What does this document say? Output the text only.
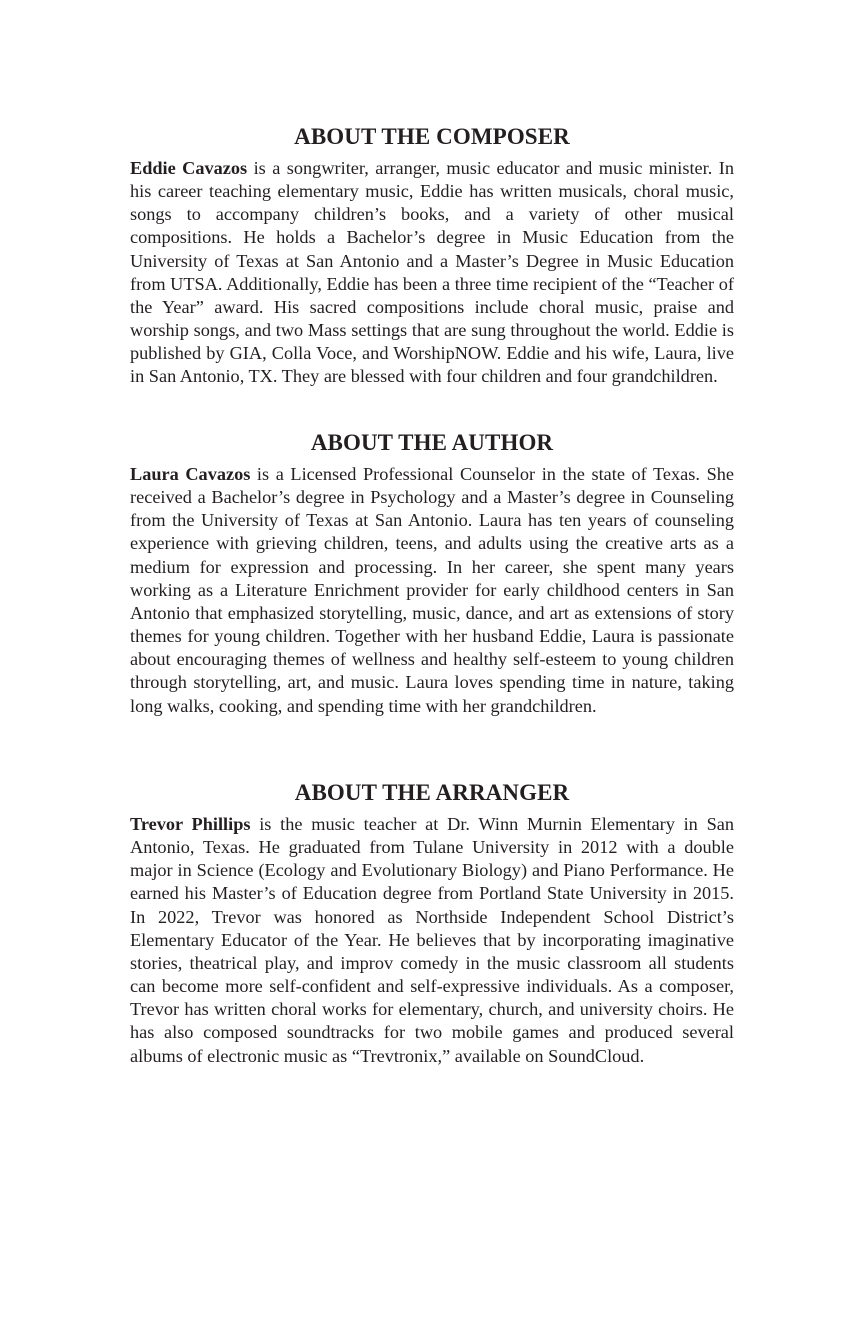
ABOUT THE COMPOSER

Eddie Cavazos is a songwriter, arranger, music educator and music minister. In his career teaching elementary music, Eddie has written musicals, choral music, songs to accompany children’s books, and a variety of other musical compositions. He holds a Bachelor’s degree in Music Education from the University of Texas at San Antonio and a Master’s Degree in Music Education from UTSA. Additionally, Eddie has been a three time recipient of the “Teacher of the Year” award. His sacred compositions include choral music, praise and worship songs, and two Mass settings that are sung throughout the world. Eddie is published by GIA, Colla Voce, and WorshipNOW. Eddie and his wife, Laura, live in San Antonio, TX. They are blessed with four children and four grandchildren.

ABOUT THE AUTHOR

Laura Cavazos is a Licensed Professional Counselor in the state of Texas. She received a Bachelor’s degree in Psychology and a Master’s degree in Counseling from the University of Texas at San Antonio. Laura has ten years of counseling experience with grieving children, teens, and adults using the creative arts as a medium for expression and processing. In her career, she spent many years working as a Literature Enrichment provider for early childhood centers in San Antonio that emphasized storytelling, music, dance, and art as extensions of story themes for young children. Together with her husband Eddie, Laura is passionate about encouraging themes of wellness and healthy self-esteem to young children through storytelling, art, and music. Laura loves spending time in nature, taking long walks, cooking, and spending time with her grandchildren.

ABOUT THE ARRANGER

Trevor Phillips is the music teacher at Dr. Winn Murnin Elementary in San Antonio, Texas. He graduated from Tulane University in 2012 with a double major in Science (Ecology and Evolutionary Biology) and Piano Performance. He earned his Master’s of Education degree from Portland State University in 2015. In 2022, Trevor was honored as Northside Independent School District’s Elementary Educator of the Year. He believes that by incorporating imaginative stories, theatrical play, and improv comedy in the music classroom all students can become more self-confident and self-expressive individuals. As a composer, Trevor has written choral works for elementary, church, and university choirs. He has also composed soundtracks for two mobile games and produced several albums of electronic music as “Trevtronix,” available on SoundCloud.
